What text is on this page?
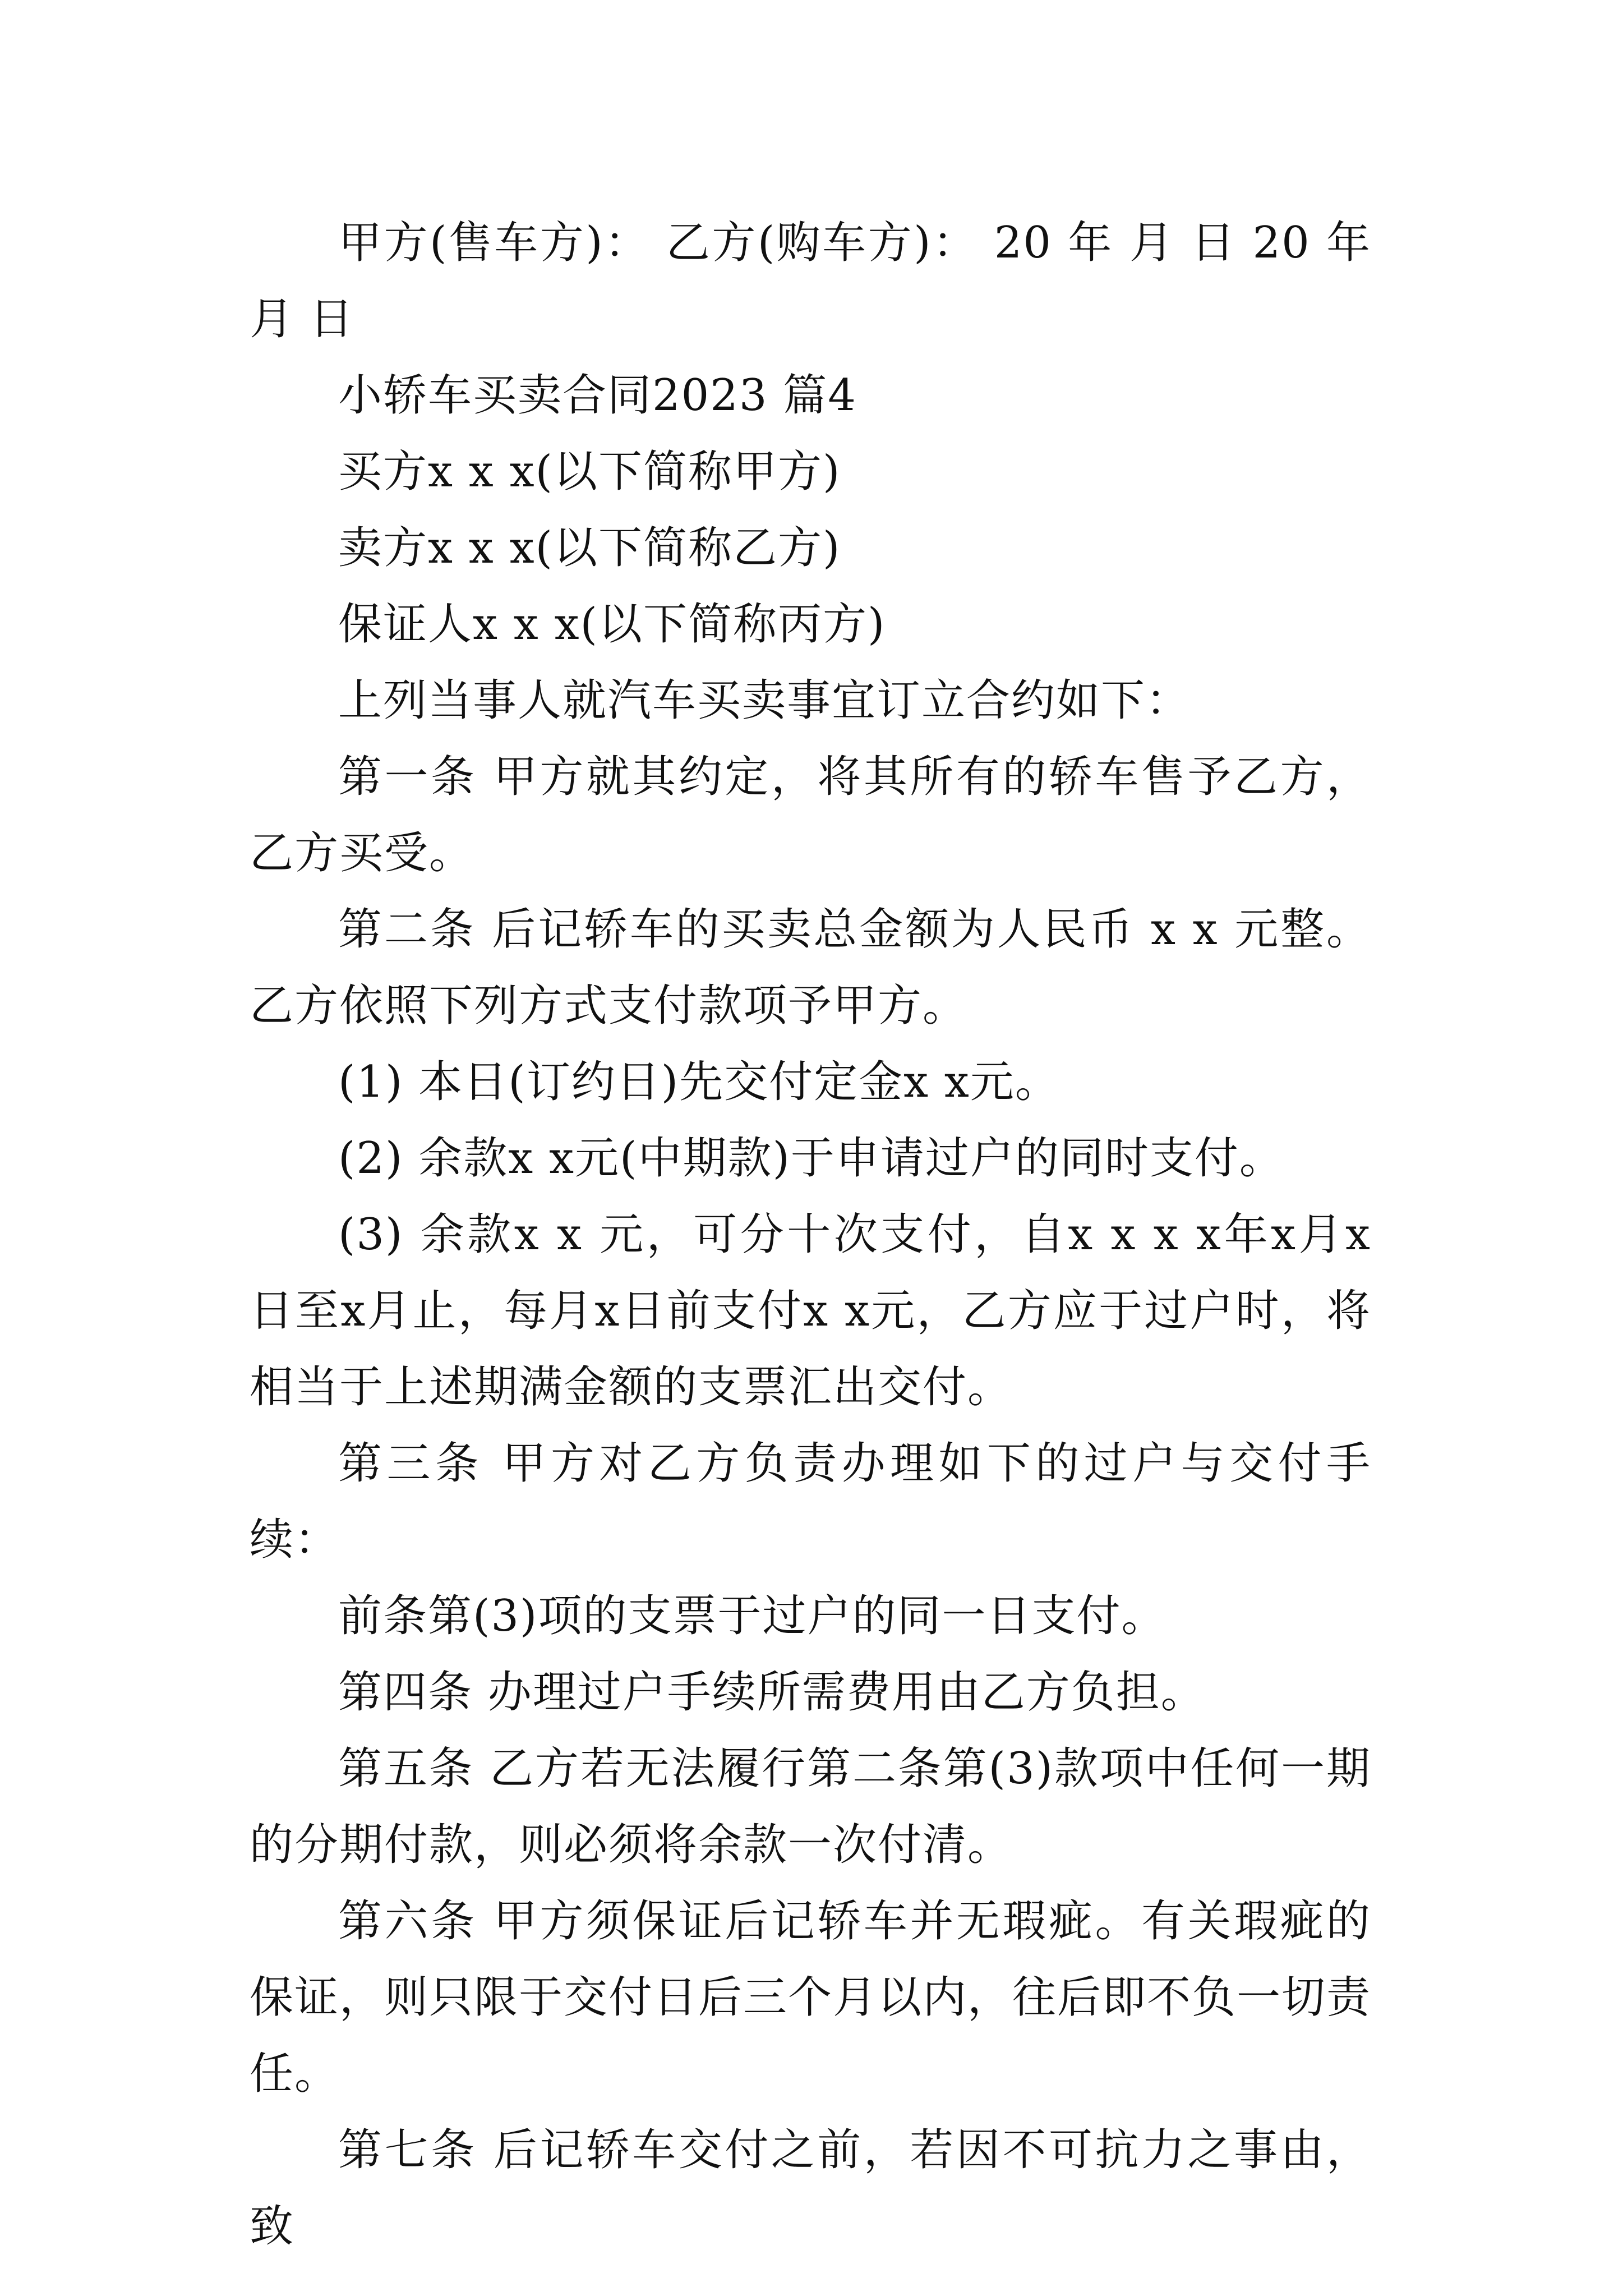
甲方(售车方)： 乙方(购车方)： 20 年 月 日 20 年 月 日

小轿车买卖合同2023 篇4

买方x x x(以下简称甲方)

卖方x x x(以下简称乙方)

保证人x x x(以下简称丙方)

上列当事人就汽车买卖事宜订立合约如下：

第一条 甲方就其约定，将其所有的轿车售予乙方，乙方买受。

第二条 后记轿车的买卖总金额为人民币 x x 元整。乙方依照下列方式支付款项予甲方。

(1) 本日(订约日)先交付定金x x元。

(2) 余款x x元(中期款)于申请过户的同时支付。

(3) 余款x x 元，可分十次支付，自x x x x年x月x日至x月止，每月x日前支付x x元，乙方应于过户时，将相当于上述期满金额的支票汇出交付。

第三条 甲方对乙方负责办理如下的过户与交付手续：

前条第(3)项的支票于过户的同一日支付。

第四条 办理过户手续所需费用由乙方负担。

第五条 乙方若无法履行第二条第(3)款项中任何一期的分期付款，则必须将余款一次付清。

第六条 甲方须保证后记轿车并无瑕疵。有关瑕疵的保证，则只限于交付日后三个月以内，往后即不负一切责任。

第七条 后记轿车交付之前，若因不可抗力之事由，致
